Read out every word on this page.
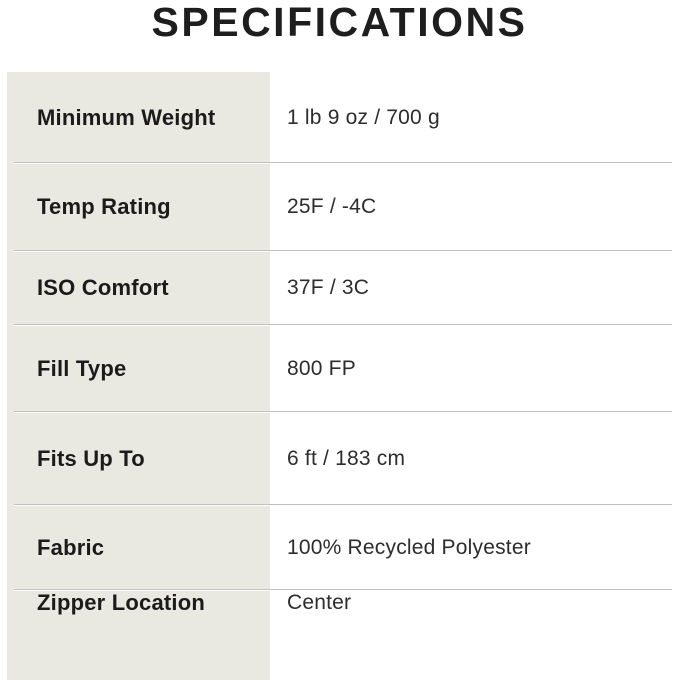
SPECIFICATIONS
Minimum Weight	1 lb 9 oz / 700 g
Temp Rating	25F / -4C
ISO Comfort	37F / 3C
Fill Type	800 FP
Fits Up To	6 ft / 183 cm
Fabric	100% Recycled Polyester
Zipper Location	Center
